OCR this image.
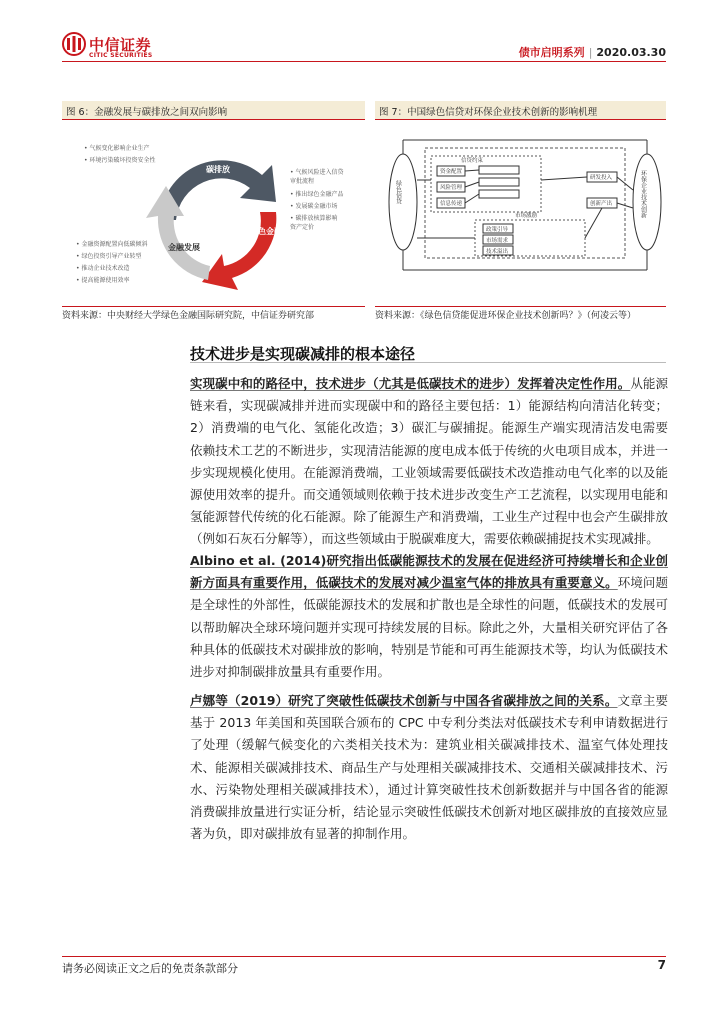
中信证券
CITIC SECURITIES	债市启明系列 | 2020.03.30
图 6：金融发展与碳排放之间双向影响
碳排放
绿色金融
金融发展
• 气候变化影响企业生产
• 环境污染破坏投资安全性
• 气候风险进入信贷
审批流程
• 推出绿色金融产品
• 发展碳金融市场
• 碳排放核算影响
资产定价
• 金融资源配置向低碳倾斜
• 绿色投资引导产业转型
• 推动企业技术改造
• 提高能源使用效率
资料来源：中央财经大学绿色金融国际研究院，中信证券研究部
图 7：中国绿色信贷对环保企业技术创新的影响机理
绿色信贷	环保企业技术创新
信贷约束
资金配置
风险管理
信息传递
市场激励
政策引导
市场需求
技术溢出
研发投入
创新产出
资料来源：《绿色信贷能促进环保企业技术创新吗？》（何凌云等）
技术进步是实现碳减排的根本途径
实现碳中和的路径中，技术进步（尤其是低碳技术的进步）发挥着决定性作用。从能源链来看，实现碳减排并进而实现碳中和的路径主要包括：1）能源结构向清洁化转变；2）消费端的电气化、氢能化改造；3）碳汇与碳捕捉。能源生产端实现清洁发电需要依赖技术工艺的不断进步，实现清洁能源的度电成本低于传统的火电项目成本，并进一步实现规模化使用。在能源消费端，工业领域需要低碳技术改造推动电气化率的以及能源使用效率的提升。而交通领域则依赖于技术进步改变生产工艺流程，以实现用电能和氢能源替代传统的化石能源。除了能源生产和消费端，工业生产过程中也会产生碳排放（例如石灰石分解等），而这些领域由于脱碳难度大，需要依赖碳捕捉技术实现减排。
Albino et al. (2014)研究指出低碳能源技术的发展在促进经济可持续增长和企业创新方面具有重要作用，低碳技术的发展对减少温室气体的排放具有重要意义。环境问题是全球性的外部性，低碳能源技术的发展和扩散也是全球性的问题，低碳技术的发展可以帮助解决全球环境问题并实现可持续发展的目标。除此之外，大量相关研究评估了各种具体的低碳技术对碳排放的影响，特别是节能和可再生能源技术等，均认为低碳技术进步对抑制碳排放量具有重要作用。
卢娜等（2019）研究了突破性低碳技术创新与中国各省碳排放之间的关系。文章主要基于 2013 年美国和英国联合颁布的 CPC 中专利分类法对低碳技术专利申请数据进行了处理（缓解气候变化的六类相关技术为：建筑业相关碳减排技术、温室气体处理技术、能源相关碳减排技术、商品生产与处理相关碳减排技术、交通相关碳减排技术、污水、污染物处理相关碳减排技术），通过计算突破性技术创新数据并与中国各省的能源消费碳排放量进行实证分析，结论显示突破性低碳技术创新对地区碳排放的直接效应显著为负，即对碳排放有显著的抑制作用。
请务必阅读正文之后的免责条款部分	7
